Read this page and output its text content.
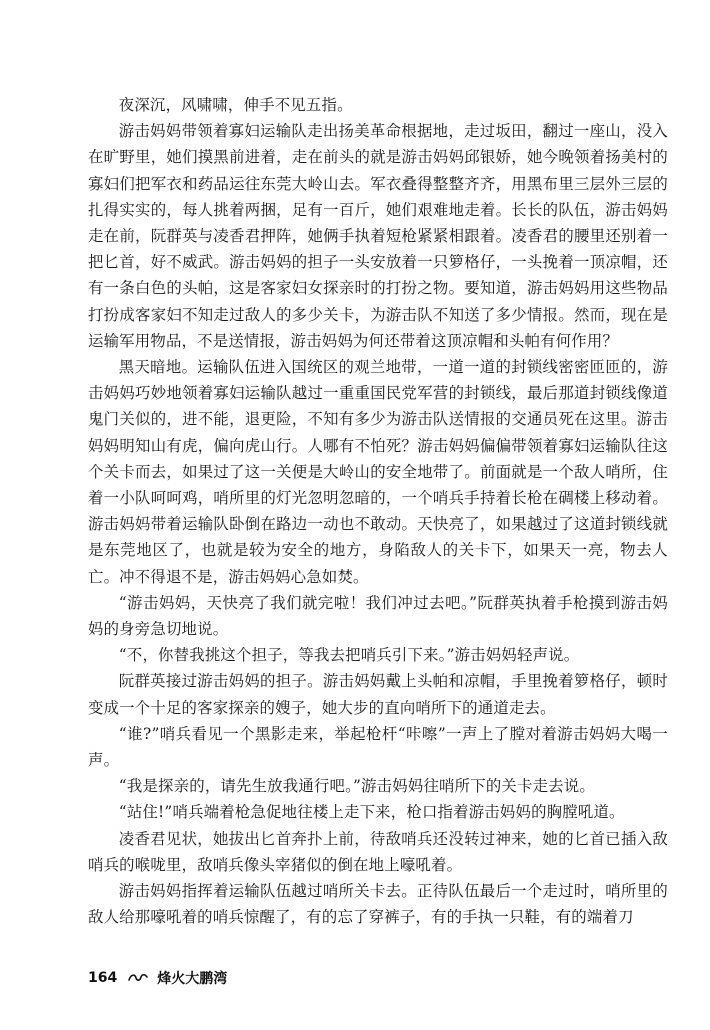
夜深沉，风啸啸，伸手不见五指。

游击妈妈带领着寡妇运输队走出扬美革命根据地，走过坂田，翻过一座山，没入在旷野里，她们摸黑前进着，走在前头的就是游击妈妈邱银娇，她今晚领着扬美村的寡妇们把军衣和药品运往东莞大岭山去。军衣叠得整整齐齐，用黑布里三层外三层的扎得实实的，每人挑着两捆，足有一百斤，她们艰难地走着。长长的队伍，游击妈妈走在前，阮群英与凌香君押阵，她俩手执着短枪紧紧相跟着。凌香君的腰里还别着一把匕首，好不威武。游击妈妈的担子一头安放着一只箩格仔，一头挽着一顶凉帽，还有一条白色的头帕，这是客家妇女探亲时的打扮之物。要知道，游击妈妈用这些物品打扮成客家妇不知走过敌人的多少关卡，为游击队不知送了多少情报。然而，现在是运输军用物品，不是送情报，游击妈妈为何还带着这顶凉帽和头帕有何作用？

黑天暗地。运输队伍进入国统区的观兰地带，一道一道的封锁线密密匝匝的，游击妈妈巧妙地领着寡妇运输队越过一重重国民党军营的封锁线，最后那道封锁线像道鬼门关似的，进不能，退更险，不知有多少为游击队送情报的交通员死在这里。游击妈妈明知山有虎，偏向虎山行。人哪有不怕死？游击妈妈偏偏带领着寡妇运输队往这个关卡而去，如果过了这一关便是大岭山的安全地带了。前面就是一个敌人哨所，住着一小队呵呵鸡，哨所里的灯光忽明忽暗的，一个哨兵手持着长枪在碉楼上移动着。游击妈妈带着运输队卧倒在路边一动也不敢动。天快亮了，如果越过了这道封锁线就是东莞地区了，也就是较为安全的地方，身陷敌人的关卡下，如果天一亮，物去人亡。冲不得退不是，游击妈妈心急如焚。

“游击妈妈，天快亮了我们就完啦！我们冲过去吧。”阮群英执着手枪摸到游击妈妈的身旁急切地说。

“不，你替我挑这个担子，等我去把哨兵引下来。”游击妈妈轻声说。

阮群英接过游击妈妈的担子。游击妈妈戴上头帕和凉帽，手里挽着箩格仔，顿时变成一个十足的客家探亲的嫂子，她大步的直向哨所下的通道走去。

“谁?”哨兵看见一个黑影走来，举起枪杆“咔嚓”一声上了膛对着游击妈妈大喝一声。

“我是探亲的，请先生放我通行吧。”游击妈妈往哨所下的关卡走去说。

“站住!”哨兵端着枪急促地往楼上走下来，枪口指着游击妈妈的胸膛吼道。

凌香君见状，她拔出匕首奔扑上前，待敌哨兵还没转过神来，她的匕首已插入敌哨兵的喉咙里，敌哨兵像头宰猪似的倒在地上嚎吼着。

游击妈妈指挥着运输队伍越过哨所关卡去。正待队伍最后一个走过时，哨所里的敌人给那嚎吼着的哨兵惊醒了，有的忘了穿裤子，有的手执一只鞋，有的端着刀

164	烽火大鹏湾
